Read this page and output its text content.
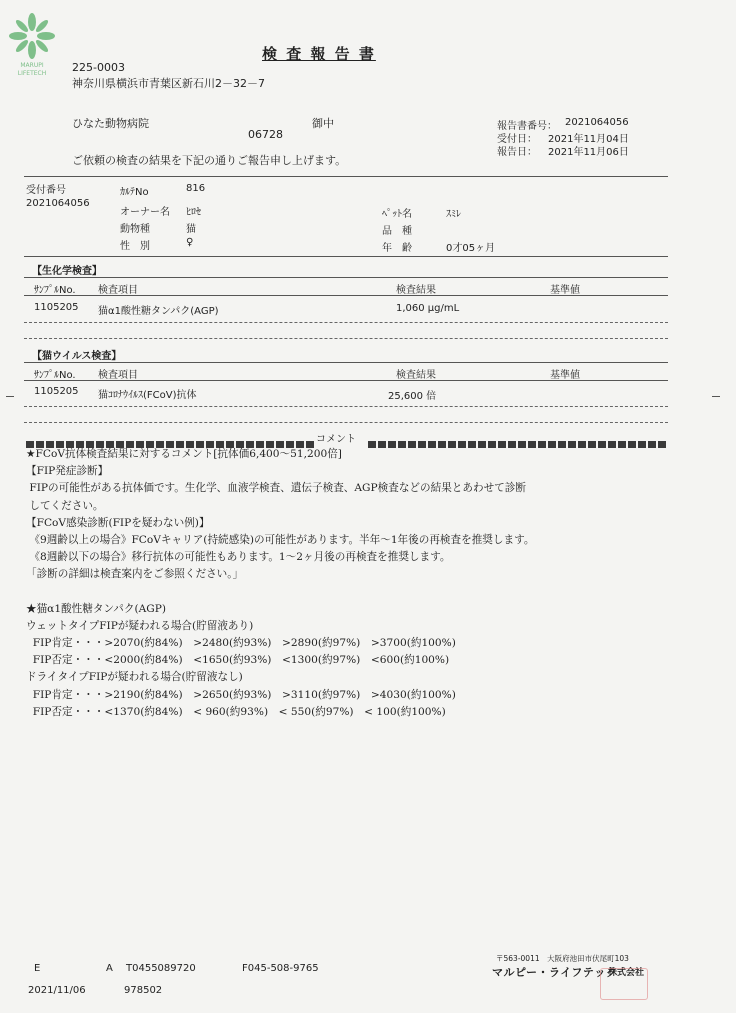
MARUPI LIFETECH
検 査 報 告 書
225-0003
神奈川県横浜市青葉区新石川2－32－7
ひなた動物病院	御中
06728
報告書番号： 2021064056
受付日： 2021年11月04日
報告日： 2021年11月06日
ご依頼の検査の結果を下記の通りご報告申し上げます。
受付番号
2021064056
ｶﾙﾃNo	816
オーナー名 ﾋﾛｾ
動物種	猫
性　別	♀
ﾍﾟｯﾄ名	ｽﾐﾚ
品　種
年　齢	0才05ヶ月
【生化学検査】
ｻﾝﾌﾟﾙNo. 検査項目	検査結果	基準値
1105205 猫α1酸性糖タンパク(AGP)	1,060 μg/mL
【猫ウイルス検査】
ｻﾝﾌﾟﾙNo. 検査項目	検査結果	基準値
1105205 猫ｺﾛﾅｳｲﾙｽ(FCoV)抗体	25,600 倍
コメント
★FCoV抗体検査結果に対するコメント[抗体価6,400～51,200倍]
【FIP発症診断】
FIPの可能性がある抗体価です。生化学、血液学検査、遺伝子検査、AGP検査などの結果とあわせて診断
してください。
【FCoV感染診断(FIPを疑わない例)】
《9週齢以上の場合》FCoVキャリア(持続感染)の可能性があります。半年～1年後の再検査を推奨します。
《8週齢以下の場合》移行抗体の可能性もあります。1～2ヶ月後の再検査を推奨します。
「診断の詳細は検査案内をご参照ください。」
★猫α1酸性糖タンパク(AGP)
ウェットタイプFIPが疑われる場合(貯留液あり)
FIP肯定・・・>2070(約84%)　>2480(約93%)　>2890(約97%)　>3700(約100%)
FIP否定・・・<2000(約84%)　<1650(約93%)　<1300(約97%)　<600(約100%)
ドライタイプFIPが疑われる場合(貯留液なし)
FIP肯定・・・>2190(約84%)　>2650(約93%)　>3110(約97%)　>4030(約100%)
FIP否定・・・<1370(約84%)　< 960(約93%)　< 550(約97%)　< 100(約100%)
E	A T0455089720	F045-508-9765
2021/11/06	978502
〒563-0011　大阪府池田市伏尾町103
マルピー・ライフテック
株式会社
